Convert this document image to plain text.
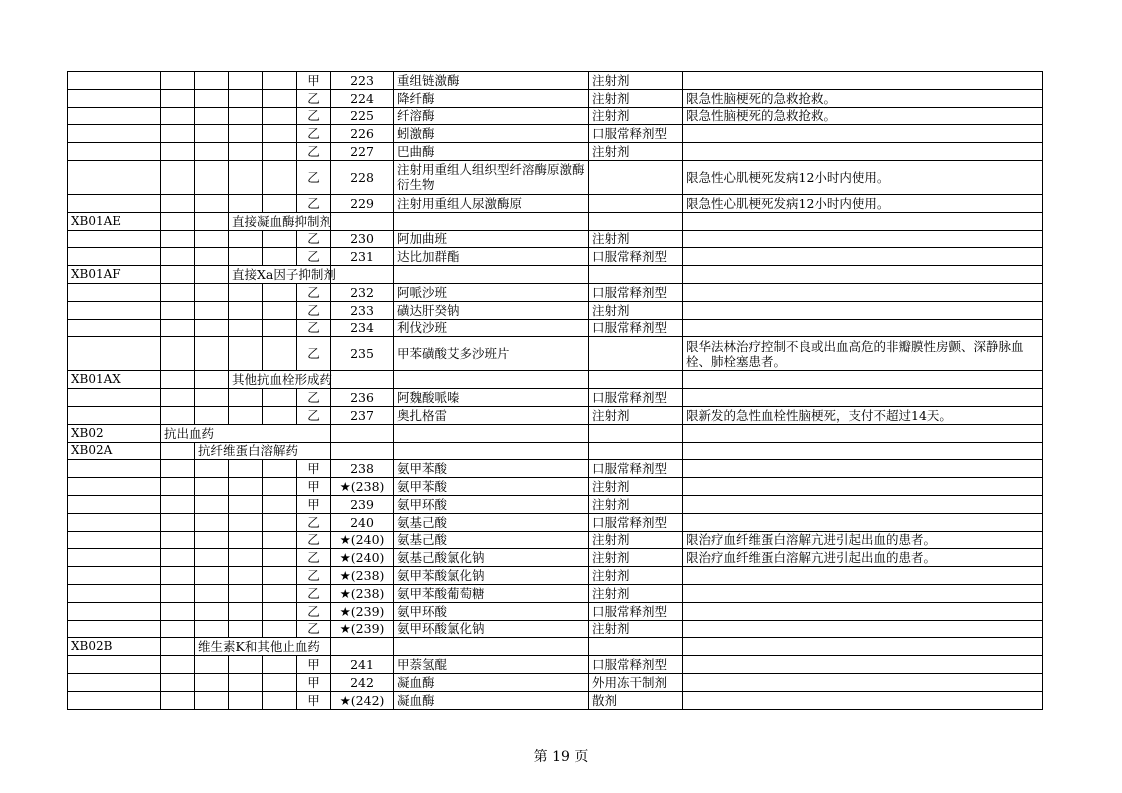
					甲	223	重组链激酶	注射剂	
					乙	224	降纤酶	注射剂	限急性脑梗死的急救抢救。
					乙	225	纤溶酶	注射剂	限急性脑梗死的急救抢救。
					乙	226	蚓激酶	口服常释剂型	
					乙	227	巴曲酶	注射剂	
					乙	228	注射用重组人组织型纤溶酶原激酶衍生物		限急性心肌梗死发病12小时内使用。
					乙	229	注射用重组人尿激酶原		限急性心肌梗死发病12小时内使用。
XB01AE			直接凝血酶抑制剂						
					乙	230	阿加曲班	注射剂	
					乙	231	达比加群酯	口服常释剂型	
XB01AF			直接Xa因子抑制剂						
					乙	232	阿哌沙班	口服常释剂型	
					乙	233	磺达肝癸钠	注射剂	
					乙	234	利伐沙班	口服常释剂型	
					乙	235	甲苯磺酸艾多沙班片		限华法林治疗控制不良或出血高危的非瓣膜性房颤、深静脉血栓、肺栓塞患者。
XB01AX			其他抗血栓形成药						
					乙	236	阿魏酸哌嗪	口服常释剂型	
					乙	237	奥扎格雷	注射剂	限新发的急性血栓性脑梗死，支付不超过14天。
XB02	抗出血药								
XB02A		抗纤维蛋白溶解药							
					甲	238	氨甲苯酸	口服常释剂型	
					甲	★(238)	氨甲苯酸	注射剂	
					甲	239	氨甲环酸	注射剂	
					乙	240	氨基己酸	口服常释剂型	
					乙	★(240)	氨基己酸	注射剂	限治疗血纤维蛋白溶解亢进引起出血的患者。
					乙	★(240)	氨基己酸氯化钠	注射剂	限治疗血纤维蛋白溶解亢进引起出血的患者。
					乙	★(238)	氨甲苯酸氯化钠	注射剂	
					乙	★(238)	氨甲苯酸葡萄糖	注射剂	
					乙	★(239)	氨甲环酸	口服常释剂型	
					乙	★(239)	氨甲环酸氯化钠	注射剂	
XB02B		维生素K和其他止血药							
					甲	241	甲萘氢醌	口服常释剂型	
					甲	242	凝血酶	外用冻干制剂	
					甲	★(242)	凝血酶	散剂	
第 19 页
